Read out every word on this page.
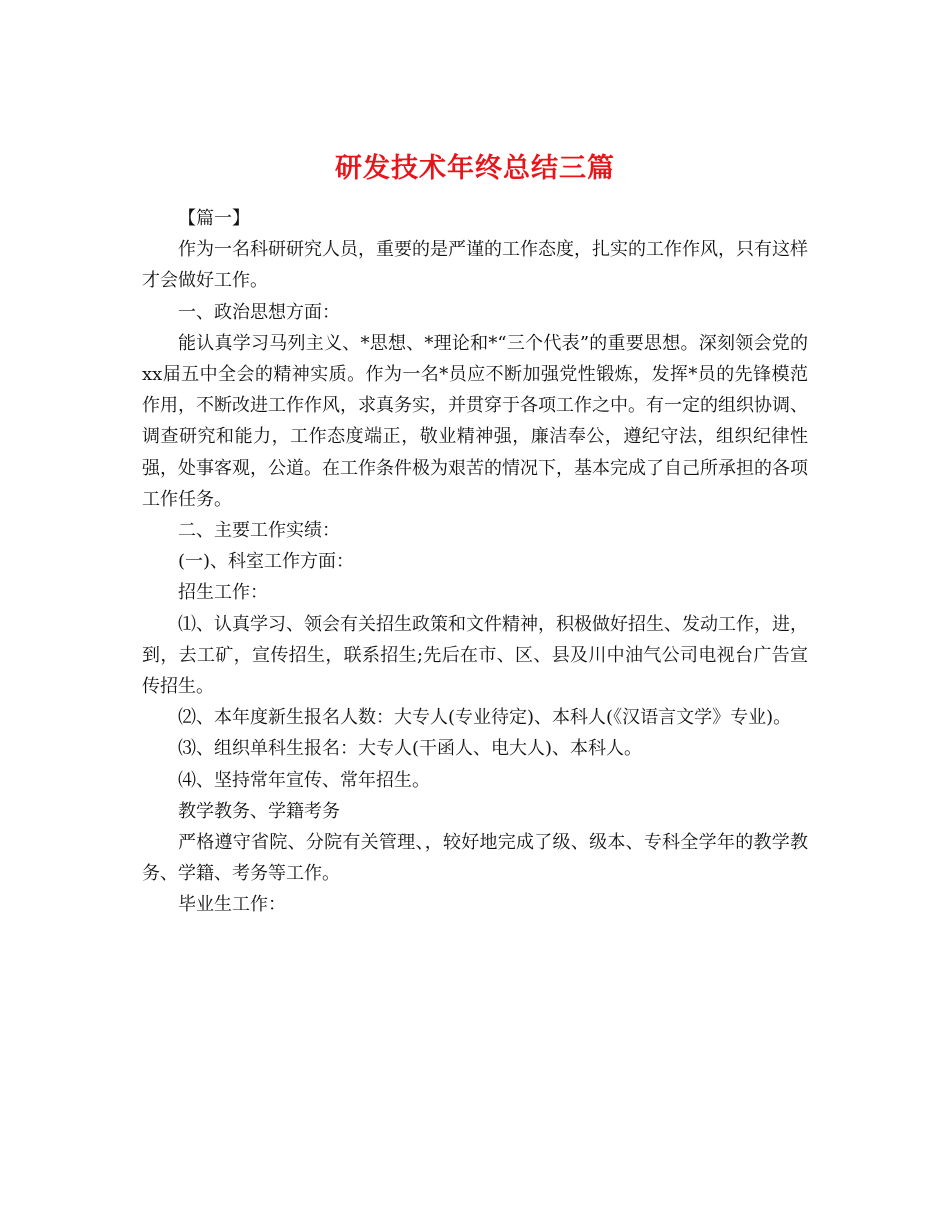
研发技术年终总结三篇

【篇一】

作为一名科研研究人员，重要的是严谨的工作态度，扎实的工作作风，只有这样才会做好工作。

一、政治思想方面：

能认真学习马列主义、*思想、*理论和*“三个代表”的重要思想。深刻领会党的xx届五中全会的精神实质。作为一名*员应不断加强党性锻炼，发挥*员的先锋模范作用，不断改进工作作风，求真务实，并贯穿于各项工作之中。有一定的组织协调、调查研究和能力，工作态度端正，敬业精神强，廉洁奉公，遵纪守法，组织纪律性强，处事客观，公道。在工作条件极为艰苦的情况下，基本完成了自己所承担的各项工作任务。

二、主要工作实绩：

(一)、科室工作方面：

招生工作：

⑴、认真学习、领会有关招生政策和文件精神，积极做好招生、发动工作，进，到，去工矿，宣传招生，联系招生;先后在市、区、县及川中油气公司电视台广告宣传招生。

⑵、本年度新生报名人数：大专人(专业待定)、本科人(《汉语言文学》专业)。

⑶、组织单科生报名：大专人(干函人、电大人)、本科人。

⑷、坚持常年宣传、常年招生。

教学教务、学籍考务

严格遵守省院、分院有关管理、，较好地完成了级、级本、专科全学年的教学教务、学籍、考务等工作。

毕业生工作：
